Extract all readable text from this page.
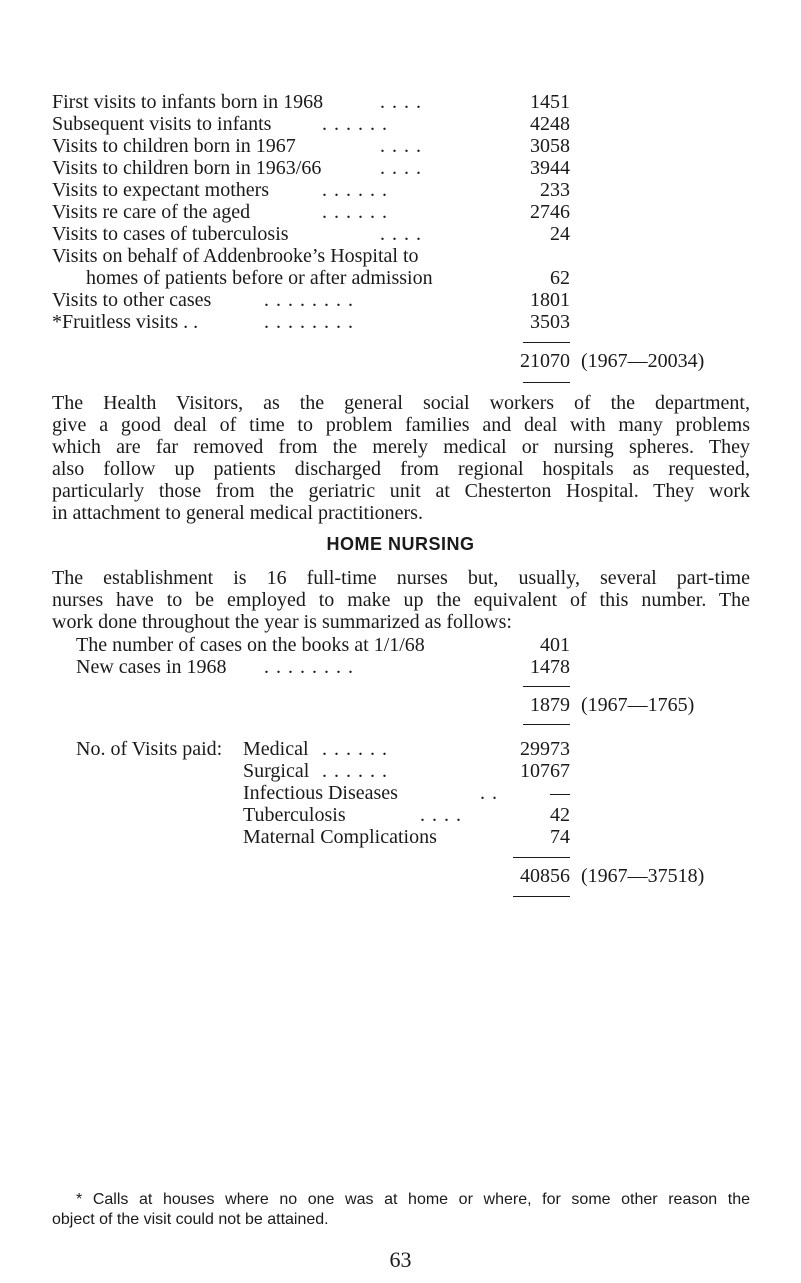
First visits to infants born in 1968	. . . .	1451
Subsequent visits to infants	. . . . . .	4248
Visits to children born in 1967	. . . .	3058
Visits to children born in 1963/66	. . . .	3944
Visits to expectant mothers	. . . . . .	233
Visits re care of the aged	. . . . . .	2746
Visits to cases of tuberculosis	. . . .	24
Visits on behalf of Addenbrooke’s Hospital to
homes of patients before or after admission	62
Visits to other cases	. . . . . . . .	1801
*Fruitless visits . .	. . . . . . . .	3503
21070 (1967—20034)
The Health Visitors, as the general social workers of the department,
give a good deal of time to problem families and deal with many problems
which are far removed from the merely medical or nursing spheres. They
also follow up patients discharged from regional hospitals as requested,
particularly those from the geriatric unit at Chesterton Hospital. They work
in attachment to general medical practitioners.
HOME NURSING
The establishment is 16 full-time nurses but, usually, several part-time
nurses have to be employed to make up the equivalent of this number. The
work done throughout the year is summarized as follows:
The number of cases on the books at 1/1/68	401
New cases in 1968 . . . . . . . .	1478
1879 (1967—1765)
No. of Visits paid: Medical . . . . . .	29973
Surgical . . . . . .	10767
Infectious Diseases	. .	—
Tuberculosis	. . . .	42
Maternal Complications	74
40856 (1967—37518)
* Calls at houses where no one was at home or where, for some other reason the
object of the visit could not be attained.
63
